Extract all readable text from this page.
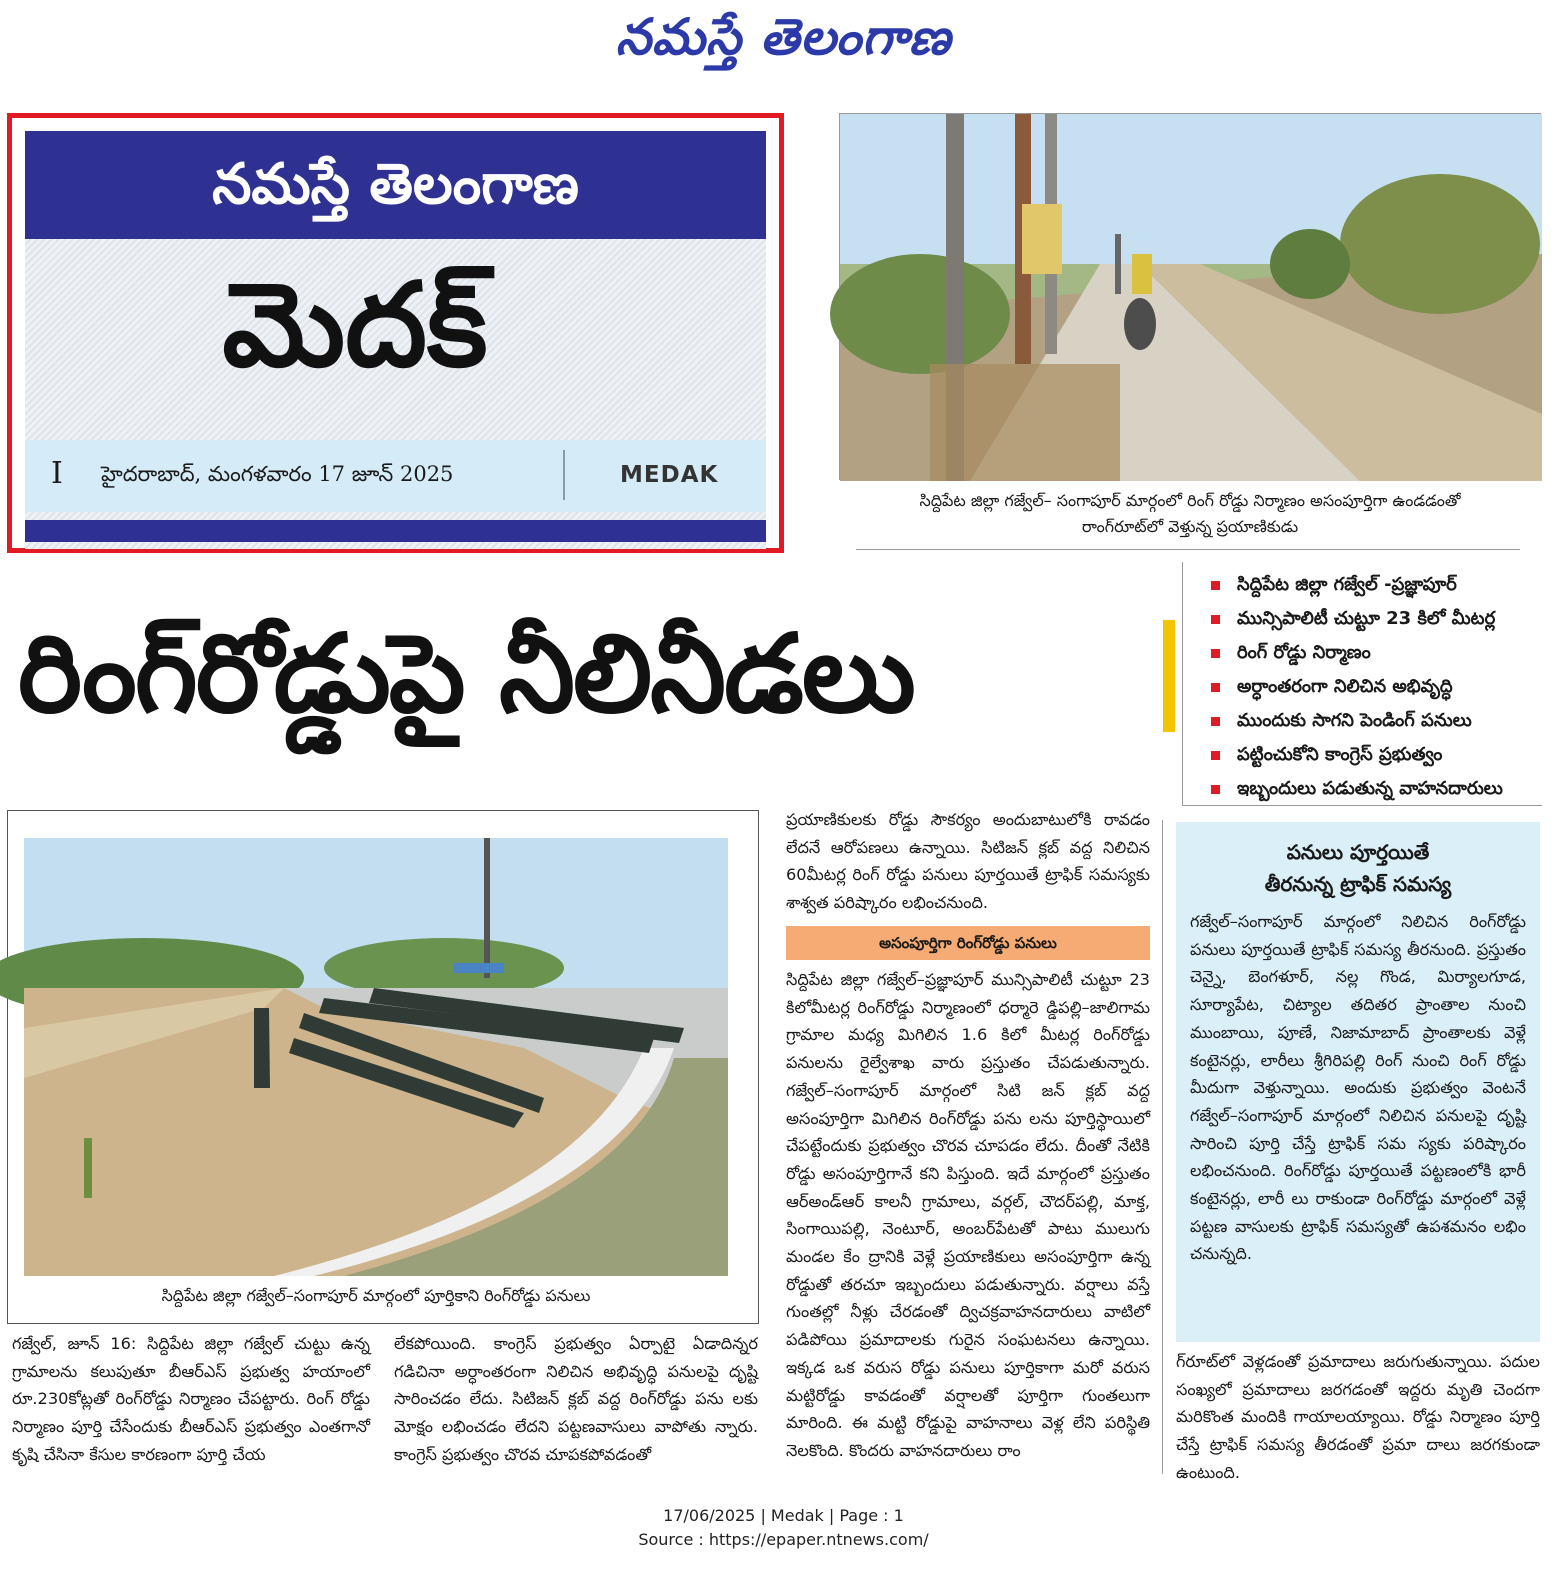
నమస్తే తెలంగాణ
నమస్తే తెలంగాణ
మెదక్
I హైదరాబాద్, మంగళవారం 17 జూన్ 2025	MEDAK
సిద్దిపేట జిల్లా గజ్వేల్– సంగాపూర్ మార్గంలో రింగ్ రోడ్డు నిర్మాణం అసంపూర్తిగా ఉండడంతో
రాంగ్‌రూట్‌లో వెళ్తున్న ప్రయాణికుడు
రింగ్‌రోడ్డుపై నీలినీడలు
సిద్దిపేట జిల్లా గజ్వేల్ -ప్రజ్ఞాపూర్
మున్సిపాలిటీ చుట్టూ 23 కిలో మీటర్ల
రింగ్ రోడ్డు నిర్మాణం
అర్ధాంతరంగా నిలిచిన అభివృద్ధి
ముందుకు సాగని పెండింగ్ పనులు
పట్టించుకోని కాంగ్రెస్ ప్రభుత్వం
ఇబ్బందులు పడుతున్న వాహనదారులు
సిద్దిపేట జిల్లా గజ్వేల్–సంగాపూర్ మార్గంలో పూర్తికాని రింగ్‌రోడ్డు పనులు
గజ్వేల్, జూన్ 16: సిద్దిపేట జిల్లా గజ్వేల్ చుట్టు ఉన్న గ్రామాలను కలుపుతూ బీఆర్ఎస్ ప్రభుత్వ హయాంలో రూ.230కోట్లతో రింగ్‌రోడ్డు నిర్మాణం చేపట్టారు. రింగ్ రోడ్డు నిర్మాణం పూర్తి చేసేందుకు బీఆర్ఎస్ ప్రభుత్వం ఎంతగానో కృషి చేసినా కేసుల కారణంగా పూర్తి చేయ
లేకపోయింది. కాంగ్రెస్ ప్రభుత్వం ఏర్పాటై ఏడాదిన్నర గడిచినా అర్ధాంతరంగా నిలిచిన అభివృద్ధి పనులపై దృష్టి సారించడం లేదు. సిటిజన్ క్లబ్ వద్ద రింగ్‌రోడ్డు పను లకు మోక్షం లభించడం లేదని పట్టణవాసులు వాపోతు న్నారు. కాంగ్రెస్ ప్రభుత్వం చొరవ చూపకపోవడంతో
ప్రయాణికులకు రోడ్డు సౌకర్యం అందుబాటులోకి రావడం లేదనే ఆరోపణలు ఉన్నాయి. సిటిజన్ క్లబ్ వద్ద నిలిచిన 60మీటర్ల రింగ్ రోడ్డు పనులు పూర్తయితే ట్రాఫిక్ సమస్యకు శాశ్వత పరిష్కారం లభించనుంది.
అసంపూర్తిగా రింగ్‌రోడ్డు పనులు
సిద్దిపేట జిల్లా గజ్వేల్–ప్రజ్ఞాపూర్ మున్సిపాలిటీ చుట్టూ 23 కిలోమీటర్ల రింగ్‌రోడ్డు నిర్మాణంలో ధర్మారె డ్డిపల్లి–జాలిగామ గ్రామాల మధ్య మిగిలిన 1.6 కిలో మీటర్ల రింగ్‌రోడ్డు పనులను రైల్వేశాఖ వారు ప్రస్తుతం చేపడుతున్నారు. గజ్వేల్–సంగాపూర్ మార్గంలో సిటి జన్ క్లబ్ వద్ద అసంపూర్తిగా మిగిలిన రింగ్‌రోడ్డు పను లను పూర్తిస్థాయిలో చేపట్టేందుకు ప్రభుత్వం చొరవ చూపడం లేదు. దీంతో నేటికి రోడ్డు అసంపూర్తిగానే కని పిస్తుంది. ఇదే మార్గంలో ప్రస్తుతం ఆర్అండ్ఆర్ కాలనీ గ్రామాలు, వర్గల్, చౌదర్‌పల్లి, మాక్త, సింగాయిపల్లి, నెంటూర్, అంబర్‌పేటతో పాటు ములుగు మండల కేం ద్రానికి వెళ్లే ప్రయాణికులు అసంపూర్తిగా ఉన్న రోడ్డుతో తరచూ ఇబ్బందులు పడుతున్నారు. వర్షాలు వస్తే గుంతల్లో నీళ్లు చేరడంతో ద్విచక్రవాహనదారులు వాటిలో పడిపోయి ప్రమాదాలకు గురైన సంఘటనలు ఉన్నాయి. ఇక్కడ ఒక వరుస రోడ్డు పనులు పూర్తికాగా మరో వరుస మట్టిరోడ్డు కావడంతో వర్షాలతో పూర్తిగా గుంతలుగా మారింది. ఈ మట్టి రోడ్డుపై వాహనాలు వెళ్ల లేని పరిస్థితి నెలకొంది. కొందరు వాహనదారులు రాం
పనులు పూర్తయితే
తీరనున్న ట్రాఫిక్ సమస్య
గజ్వేల్–సంగాపూర్ మార్గంలో నిలిచిన రింగ్‌రోడ్డు పనులు పూర్తయితే ట్రాఫిక్ సమస్య తీరనుంది. ప్రస్తుతం చెన్నై, బెంగళూర్, నల్ల గొండ, మిర్యాలగూడ, సూర్యాపేట, చిట్యాల తదితర ప్రాంతాల నుంచి ముంబాయి, పూణే, నిజామాబాద్ ప్రాంతాలకు వెళ్లే కంటైనర్లు, లారీలు శ్రీగిరిపల్లి రింగ్ నుంచి రింగ్ రోడ్డు మీదుగా వెళ్తున్నాయి. అందుకు ప్రభుత్వం వెంటనే గజ్వేల్–సంగాపూర్ మార్గంలో నిలిచిన పనులపై దృష్టి సారించి పూర్తి చేస్తే ట్రాఫిక్ సమ స్యకు పరిష్కారం లభించనుంది. రింగ్‌రోడ్డు పూర్తయితే పట్టణంలోకి భారీ కంటైనర్లు, లారీ లు రాకుండా రింగ్‌రోడ్డు మార్గంలో వెళ్లే పట్టణ వాసులకు ట్రాఫిక్ సమస్యతో ఉపశమనం లభిం చనున్నది.
గ్‌రూట్‌లో వెళ్లడంతో ప్రమాదాలు జరుగుతున్నాయి. పదుల సంఖ్యలో ప్రమాదాలు జరగడంతో ఇద్దరు మృతి చెందగా మరికొంత మందికి గాయాలయ్యాయి. రోడ్డు నిర్మాణం పూర్తి చేస్తే ట్రాఫిక్ సమస్య తీరడంతో ప్రమా దాలు జరగకుండా ఉంటుంది.
17/06/2025 | Medak | Page : 1
Source : https://epaper.ntnews.com/
